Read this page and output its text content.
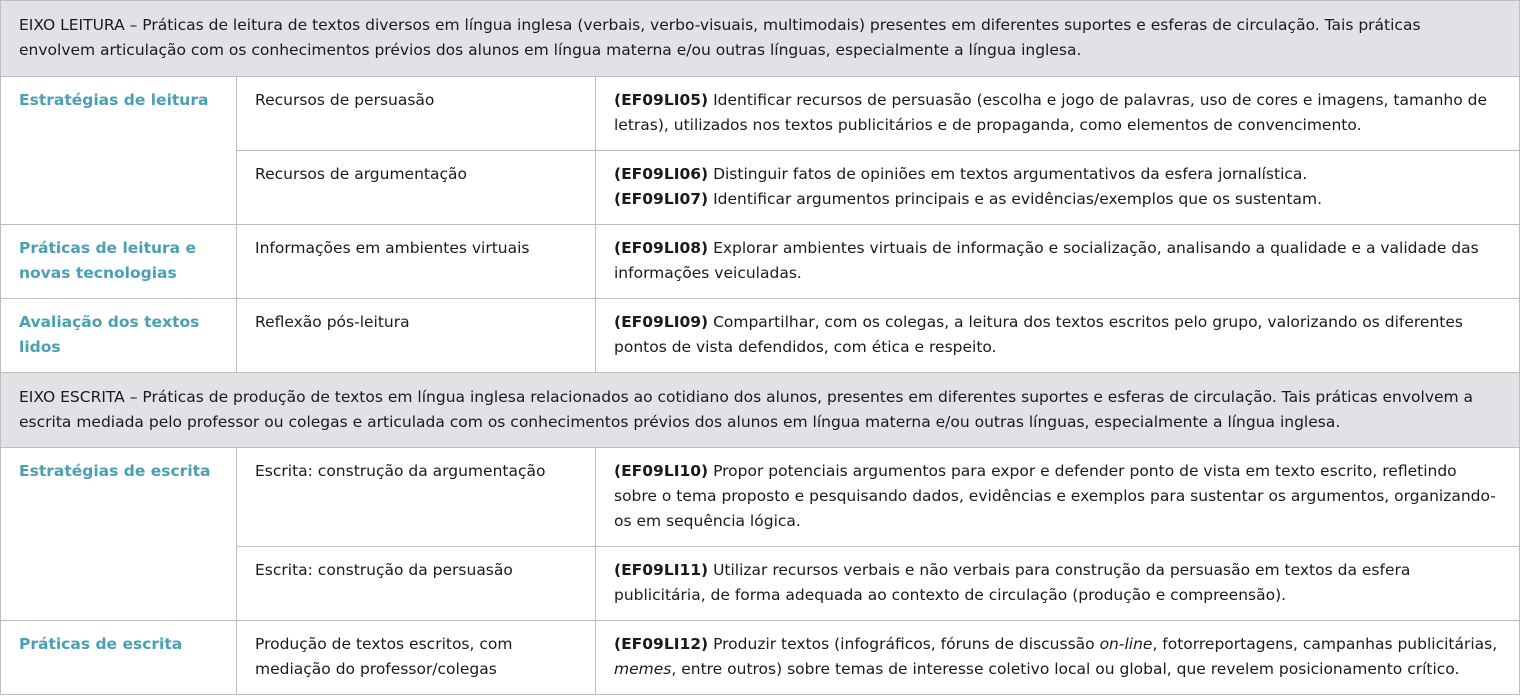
EIXO LEITURA – Práticas de leitura de textos diversos em língua inglesa (verbais, verbo-visuais, multimodais) presentes em diferentes suportes e esferas de circulação. Tais práticas envolvem articulação com os conhecimentos prévios dos alunos em língua materna e/ou outras línguas, especialmente a língua inglesa.		
Estratégias de leitura	Recursos de persuasão	(EF09LI05) Identificar recursos de persuasão (escolha e jogo de palavras, uso de cores e imagens, tamanho de letras), utilizados nos textos publicitários e de propaganda, como elementos de convencimento.
	Recursos de argumentação	(EF09LI06) Distinguir fatos de opiniões em textos argumentativos da esfera jornalística.
(EF09LI07) Identificar argumentos principais e as evidências/exemplos que os sustentam.
Práticas de leitura e novas tecnologias	Informações em ambientes virtuais	(EF09LI08) Explorar ambientes virtuais de informação e socialização, analisando a qualidade e a validade das informações veiculadas.
Avaliação dos textos lidos	Reflexão pós-leitura	(EF09LI09) Compartilhar, com os colegas, a leitura dos textos escritos pelo grupo, valorizando os diferentes pontos de vista defendidos, com ética e respeito.
EIXO ESCRITA – Práticas de produção de textos em língua inglesa relacionados ao cotidiano dos alunos, presentes em diferentes suportes e esferas de circulação. Tais práticas envolvem a escrita mediada pelo professor ou colegas e articulada com os conhecimentos prévios dos alunos em língua materna e/ou outras línguas, especialmente a língua inglesa.		
Estratégias de escrita	Escrita: construção da argumentação	(EF09LI10) Propor potenciais argumentos para expor e defender ponto de vista em texto escrito, refletindo sobre o tema proposto e pesquisando dados, evidências e exemplos para sustentar os argumentos, organizando-os em sequência lógica.
	Escrita: construção da persuasão	(EF09LI11) Utilizar recursos verbais e não verbais para construção da persuasão em textos da esfera publicitária, de forma adequada ao contexto de circulação (produção e compreensão).
Práticas de escrita	Produção de textos escritos, com mediação do professor/colegas	(EF09LI12) Produzir textos (infográficos, fóruns de discussão on-line, fotorreportagens, campanhas publicitárias, memes, entre outros) sobre temas de interesse coletivo local ou global, que revelem posicionamento crítico.
